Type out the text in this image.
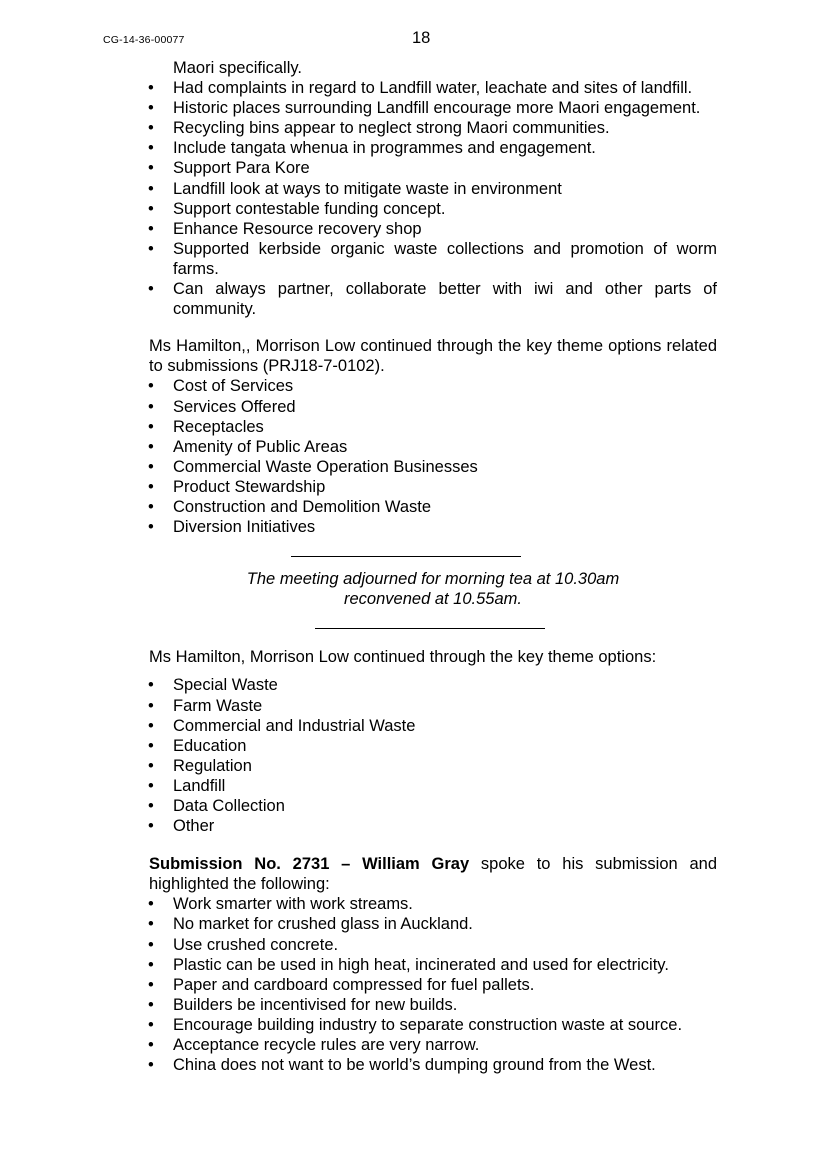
CG-14-36-00077	18
Maori specifically.
• Had complaints in regard to Landfill water, leachate and sites of landfill.
• Historic places surrounding Landfill encourage more Maori engagement.
• Recycling bins appear to neglect strong Maori communities.
• Include tangata whenua in programmes and engagement.
• Support Para Kore
• Landfill look at ways to mitigate waste in environment
• Support contestable funding concept.
• Enhance Resource recovery shop
• Supported kerbside organic waste collections and promotion of worm farms.
• Can always partner, collaborate better with iwi and other parts of community.

Ms Hamilton,, Morrison Low continued through the key theme options related to submissions (PRJ18-7-0102).

• Cost of Services
• Services Offered
• Receptacles
• Amenity of Public Areas
• Commercial Waste Operation Businesses
• Product Stewardship
• Construction and Demolition Waste
• Diversion Initiatives
The meeting adjourned for morning tea at 10.30am
reconvened at 10.55am.

Ms Hamilton, Morrison Low continued through the key theme options:

• Special Waste
• Farm Waste
• Commercial and Industrial Waste
• Education
• Regulation
• Landfill
• Data Collection
• Other

Submission No. 2731 – William Gray spoke to his submission and highlighted the following:

• Work smarter with work streams.
• No market for crushed glass in Auckland.
• Use crushed concrete.
• Plastic can be used in high heat, incinerated and used for electricity.
• Paper and cardboard compressed for fuel pallets.
• Builders be incentivised for new builds.
• Encourage building industry to separate construction waste at source.
• Acceptance recycle rules are very narrow.
• China does not want to be world’s dumping ground from the West.
